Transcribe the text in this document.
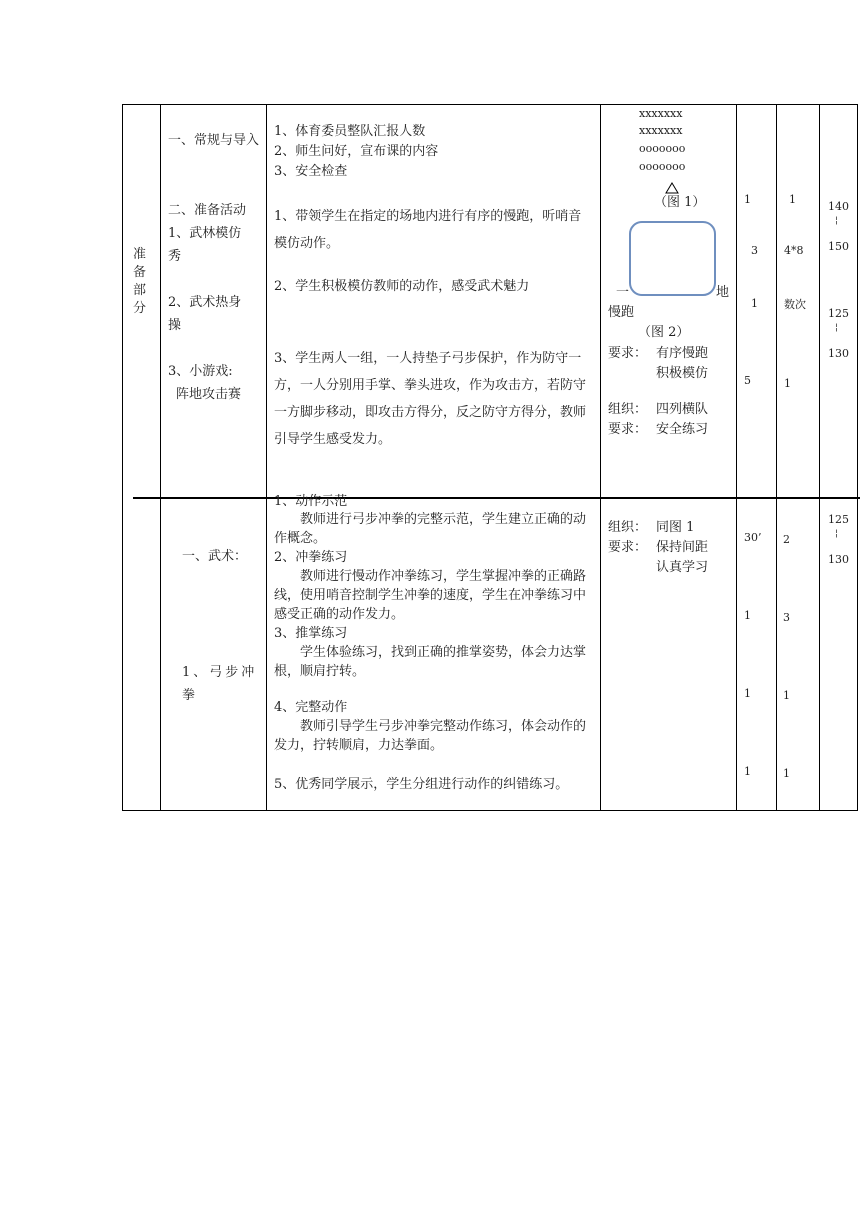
准备部分
一、常规与导入
二、准备活动
1、武林模仿
秀
2、武术热身
操
3、小游戏:
阵地攻击赛
1、体育委员整队汇报人数
2、师生问好，宣布课的内容
3、安全检查
1、带领学生在指定的场地内进行有序的慢跑，听哨音模仿动作。
2、学生积极模仿教师的动作，感受武术魅力
3、学生两人一组，一人持垫子弓步保护，作为防守一方，一人分别用手掌、拳头进攻，作为攻击方，若防守一方脚步移动，即攻击方得分，反之防守方得分，教师引导学生感受发力。
xxxxxxx
xxxxxxx
ooooooo
ooooooo
（图 1）
一	地
慢跑
（图 2）
要求： 有序慢跑
积极模仿
组织： 四列横队
要求： 安全练习
1
3
1
5
1
4*8
数次
1
140
¦
150
125
¦
130
一、武术：
1、弓步冲
拳
1、动作示范
教师进行弓步冲拳的完整示范，学生建立正确的动作概念。
2、冲拳练习
教师进行慢动作冲拳练习，学生掌握冲拳的正确路线，使用哨音控制学生冲拳的速度，学生在冲拳练习中感受正确的动作发力。
3、推掌练习
学生体验练习，找到正确的推掌姿势，体会力达掌根，顺肩拧转。
4、完整动作
教师引导学生弓步冲拳完整动作练习，体会动作的发力，拧转顺肩，力达拳面。
5、优秀同学展示，学生分组进行动作的纠错练习。
组织： 同图 1
要求： 保持间距
认真学习
30’
1
1
1
2
3
1
1
125
¦
130
